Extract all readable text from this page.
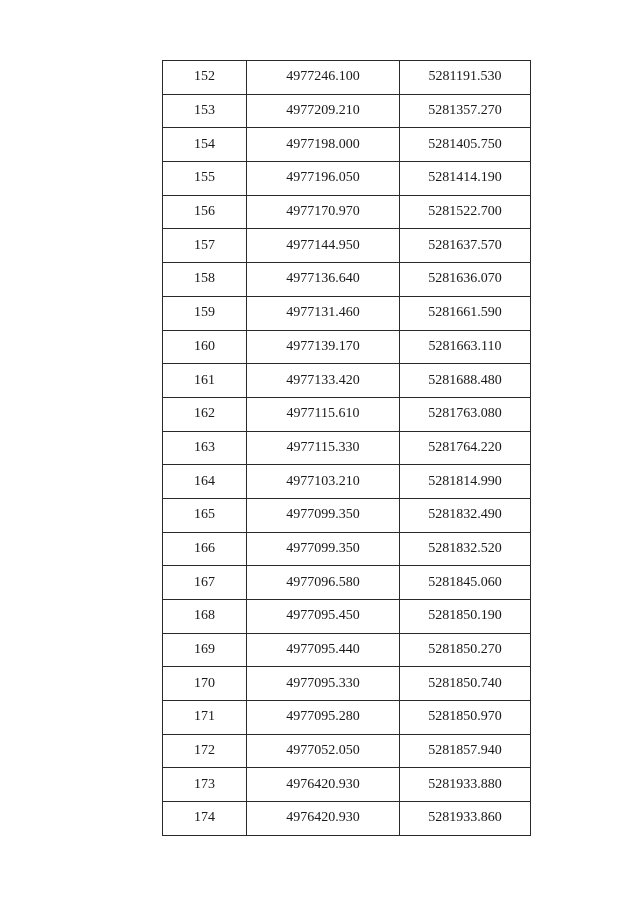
152	4977246.100	5281191.530
153	4977209.210	5281357.270
154	4977198.000	5281405.750
155	4977196.050	5281414.190
156	4977170.970	5281522.700
157	4977144.950	5281637.570
158	4977136.640	5281636.070
159	4977131.460	5281661.590
160	4977139.170	5281663.110
161	4977133.420	5281688.480
162	4977115.610	5281763.080
163	4977115.330	5281764.220
164	4977103.210	5281814.990
165	4977099.350	5281832.490
166	4977099.350	5281832.520
167	4977096.580	5281845.060
168	4977095.450	5281850.190
169	4977095.440	5281850.270
170	4977095.330	5281850.740
171	4977095.280	5281850.970
172	4977052.050	5281857.940
173	4976420.930	5281933.880
174	4976420.930	5281933.860
